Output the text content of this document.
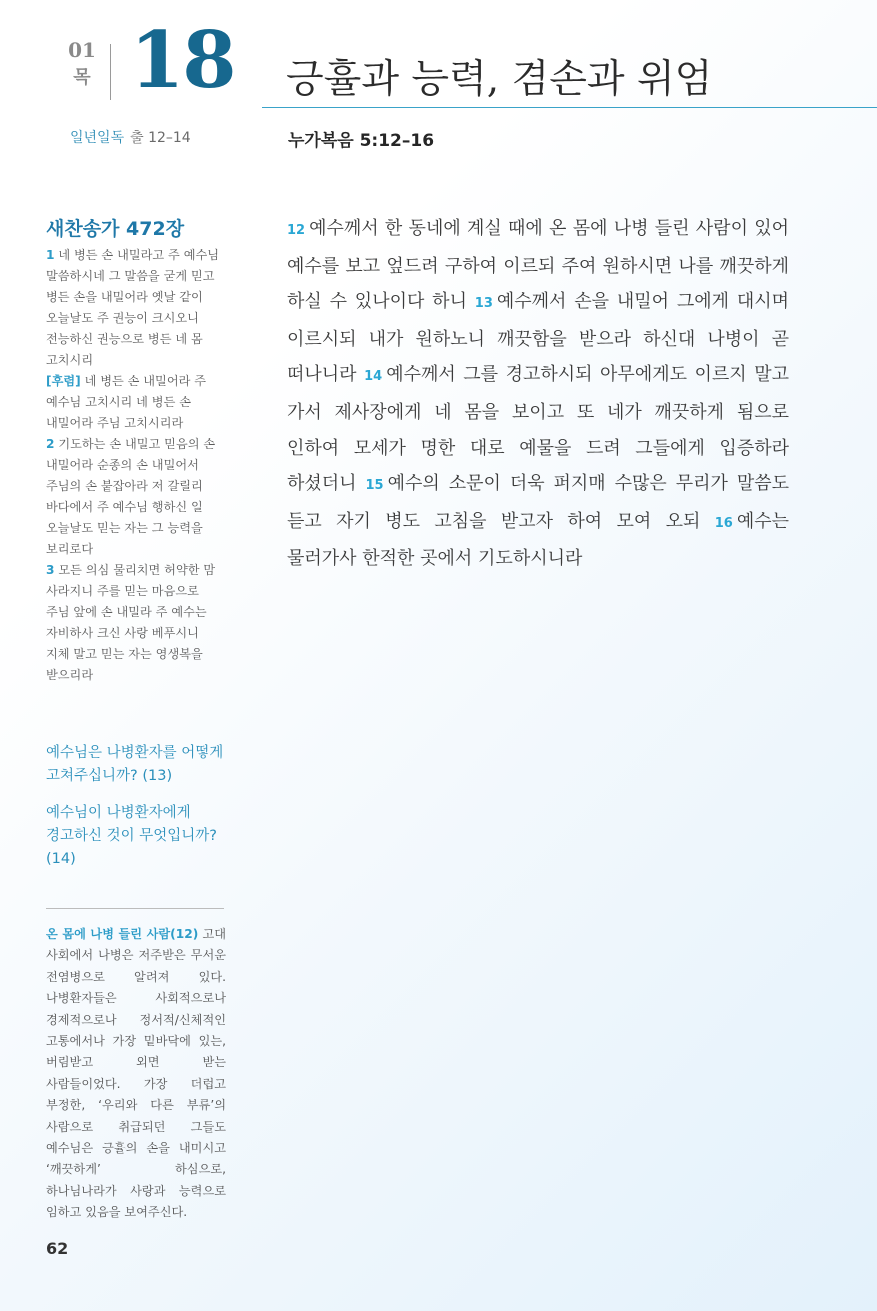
01
목 18 긍휼과 능력, 겸손과 위엄
일년일독 출 12–14	누가복음 5:12–16
새찬송가 472장

1 네 병든 손 내밀라고 주 예수님 말씀하시네 그 말씀을 굳게 믿고 병든 손을 내밀어라 옛날 같이 오늘날도 주 권능이 크시오니 전능하신 권능으로 병든 네 몸 고치시리

[후렴] 네 병든 손 내밀어라 주 예수님 고치시리 네 병든 손 내밀어라 주님 고치시리라

2 기도하는 손 내밀고 믿음의 손 내밀어라 순종의 손 내밀어서 주님의 손 붙잡아라 저 갈릴리 바다에서 주 예수님 행하신 일 오늘날도 믿는 자는 그 능력을 보리로다

3 모든 의심 물리치면 허약한 맘 사라지니 주를 믿는 마음으로 주님 앞에 손 내밀라 주 예수는 자비하사 크신 사랑 베푸시니 지체 말고 믿는 자는 영생복을 받으리라

예수님은 나병환자를 어떻게 고쳐주십니까? (13)

예수님이 나병환자에게 경고하신 것이 무엇입니까? (14)

온 몸에 나병 들린 사람(12) 고대 사회에서 나병은 저주받은 무서운 전염병으로 알려져 있다. 나병환자들은 사회적으로나 경제적으로나 정서적/신체적인 고통에서나 가장 밑바닥에 있는, 버림받고 외면 받는 사람들이었다. 가장 더럽고 부정한, ‘우리와 다른 부류’의 사람으로 취급되던 그들도 예수님은 긍휼의 손을 내미시고 ‘깨끗하게’ 하심으로, 하나님나라가 사랑과 능력으로 임하고 있음을 보여주신다.

62

12 예수께서 한 동네에 계실 때에 온 몸에 나병 들린 사람이 있어 예수를 보고 엎드려 구하여 이르되 주여 원하시면 나를 깨끗하게 하실 수 있나이다 하니 13 예수께서 손을 내밀어 그에게 대시며 이르시되 내가 원하노니 깨끗함을 받으라 하신대 나병이 곧 떠나니라 14 예수께서 그를 경고하시되 아무에게도 이르지 말고 가서 제사장에게 네 몸을 보이고 또 네가 깨끗하게 됨으로 인하여 모세가 명한 대로 예물을 드려 그들에게 입증하라 하셨더니 15 예수의 소문이 더욱 퍼지매 수많은 무리가 말씀도 듣고 자기 병도 고침을 받고자 하여 모여 오되 16 예수는 물러가사 한적한 곳에서 기도하시니라
